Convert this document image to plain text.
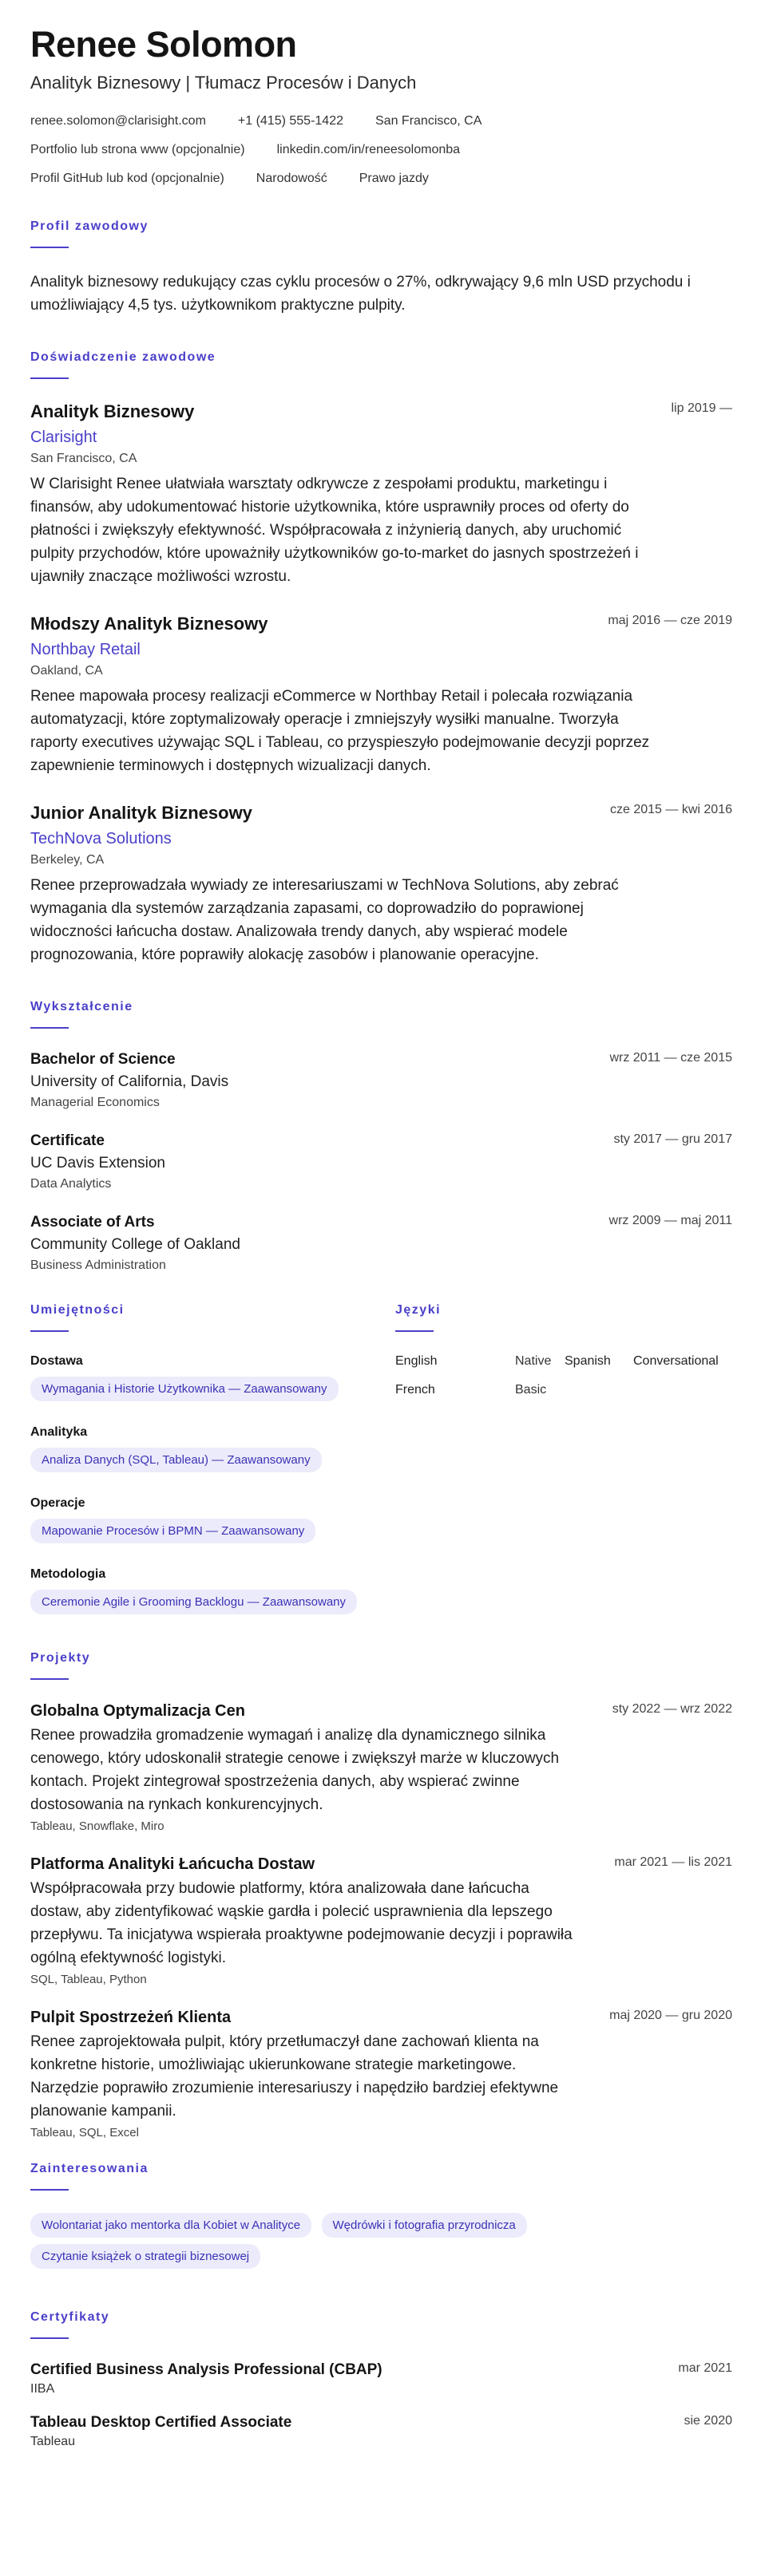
Renee Solomon
Analityk Biznesowy | Tłumacz Procesów i Danych
renee.solomon@clarisight.com	+1 (415) 555-1422	San Francisco, CA
Portfolio lub strona www (opcjonalnie)	linkedin.com/in/reneesolomonba
Profil GitHub lub kod (opcjonalnie)	Narodowość	Prawo jazdy
Profil zawodowy

Analityk biznesowy redukujący czas cyklu procesów o 27%, odkrywający 9,6 mln USD przychodu i umożliwiający 4,5 tys. użytkownikom praktyczne pulpity.

Doświadczenie zawodowe
Analityk Biznesowy	lip 2019 —
Clarisight
San Francisco, CA

W Clarisight Renee ułatwiała warsztaty odkrywcze z zespołami produktu, marketingu i finansów, aby udokumentować historie użytkownika, które usprawniły proces od oferty do płatności i zwiększyły efektywność. Współpracowała z inżynierią danych, aby uruchomić pulpity przychodów, które upoważniły użytkowników go-to-market do jasnych spostrzeżeń i ujawniły znaczące możliwości wzrostu.

Młodszy Analityk Biznesowy	maj 2016 — cze 2019
Northbay Retail
Oakland, CA

Renee mapowała procesy realizacji eCommerce w Northbay Retail i polecała rozwiązania automatyzacji, które zoptymalizowały operacje i zmniejszyły wysiłki manualne. Tworzyła raporty executives używając SQL i Tableau, co przyspieszyło podejmowanie decyzji poprzez zapewnienie terminowych i dostępnych wizualizacji danych.

Junior Analityk Biznesowy	cze 2015 — kwi 2016
TechNova Solutions
Berkeley, CA

Renee przeprowadzała wywiady ze interesariuszami w TechNova Solutions, aby zebrać wymagania dla systemów zarządzania zapasami, co doprowadziło do poprawionej widoczności łańcucha dostaw. Analizowała trendy danych, aby wspierać modele prognozowania, które poprawiły alokację zasobów i planowanie operacyjne.

Wykształcenie
Bachelor of Science	wrz 2011 — cze 2015
University of California, Davis
Managerial Economics
Certificate	sty 2017 — gru 2017
UC Davis Extension
Data Analytics
Associate of Arts	wrz 2009 — maj 2011
Community College of Oakland
Business Administration
Umiejętności
Dostawa
Wymagania i Historie Użytkownika — Zaawansowany
Analityka
Analiza Danych (SQL, Tableau) — Zaawansowany
Operacje
Mapowanie Procesów i BPMN — Zaawansowany
Metodologia
Ceremonie Agile i Grooming Backlogu — Zaawansowany
Języki
English	Native	Spanish	Conversational
French	Basic
Projekty
Globalna Optymalizacja Cen	sty 2022 — wrz 2022

Renee prowadziła gromadzenie wymagań i analizę dla dynamicznego silnika cenowego, który udoskonalił strategie cenowe i zwiększył marże w kluczowych kontach. Projekt zintegrował spostrzeżenia danych, aby wspierać zwinne dostosowania na rynkach konkurencyjnych.

Tableau, Snowflake, Miro
Platforma Analityki Łańcucha Dostaw	mar 2021 — lis 2021

Współpracowała przy budowie platformy, która analizowała dane łańcucha dostaw, aby zidentyfikować wąskie gardła i polecić usprawnienia dla lepszego przepływu. Ta inicjatywa wspierała proaktywne podejmowanie decyzji i poprawiła ogólną efektywność logistyki.

SQL, Tableau, Python
Pulpit Spostrzeżeń Klienta	maj 2020 — gru 2020

Renee zaprojektowała pulpit, który przetłumaczył dane zachowań klienta na konkretne historie, umożliwiając ukierunkowane strategie marketingowe. Narzędzie poprawiło zrozumienie interesariuszy i napędziło bardziej efektywne planowanie kampanii.

Tableau, SQL, Excel
Zainteresowania
Wolontariat jako mentorka dla Kobiet w Analityce	Wędrówki i fotografia przyrodnicza Czytanie książek o strategii biznesowej
Certyfikaty
Certified Business Analysis Professional (CBAP)	mar 2021
IIBA
Tableau Desktop Certified Associate	sie 2020
Tableau
